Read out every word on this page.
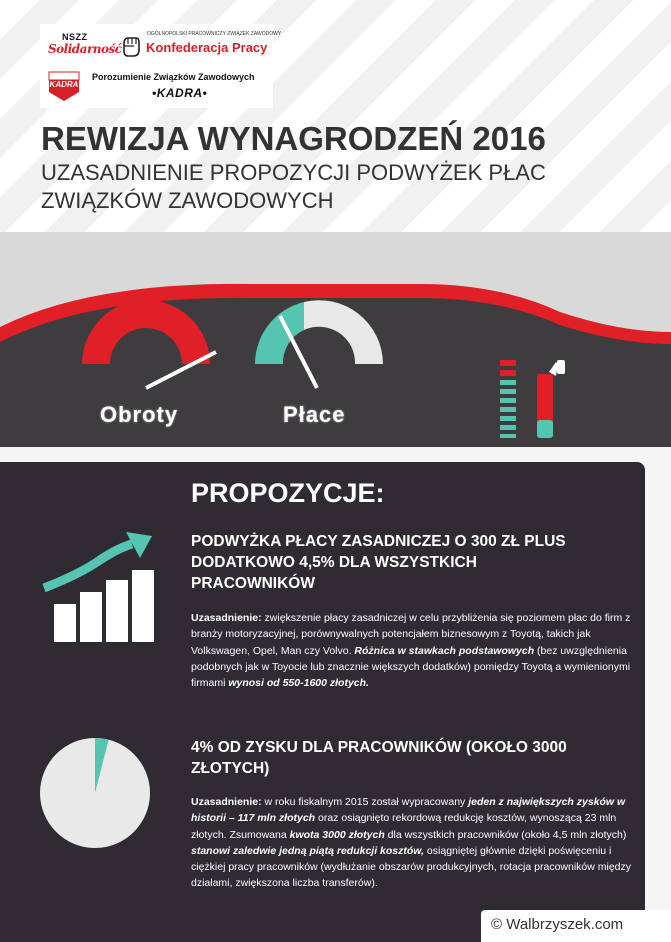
NSZZ
Solidarność
OGÓLNOPOLSKI PRACOWNICZY ZWIĄZEK ZAWODOWY
Konfederacja Pracy
KADRA
Porozumienie Związków Zawodowych
•KADRA•
REWIZJA WYNAGRODZEŃ 2016
UZASADNIENIE PROPOZYCJI PODWYŻEK PŁAC
ZWIĄZKÓW ZAWODOWYCH
Obroty	Płace
PROPOZYCJE:
PODWYŻKA PŁACY ZASADNICZEJ O 300 ZŁ PLUS DODATKOWO 4,5% DLA WSZYSTKICH PRACOWNIKÓW
Uzasadnienie: zwiększenie płacy zasadniczej w celu przybliżenia się poziomem płac do firm z branży motoryzacyjnej, porównywalnych potencjałem biznesowym z Toyotą, takich jak Volkswagen, Opel, Man czy Volvo. Różnica w stawkach podstawowych (bez uwzględnienia podobnych jak w Toyocie lub znacznie większych dodatków) pomiędzy Toyotą a wymienionymi firmami wynosi od 550-1600 złotych.
4% OD ZYSKU DLA PRACOWNIKÓW (OKOŁO 3000 ZŁOTYCH)
Uzasadnienie: w roku fiskalnym 2015 został wypracowany jeden z największych zysków w historii – 117 mln złotych oraz osiągnięto rekordową redukcję kosztów, wynoszącą 23 mln złotych. Zsumowana kwota 3000 złotych dla wszystkich pracowników (około 4,5 mln złotych) stanowi zaledwie jedną piątą redukcji kosztów, osiągniętej głównie dzięki poświęceniu i ciężkiej pracy pracowników (wydłużanie obszarów produkcyjnych, rotacja pracowników między działami, zwiększona liczba transferów).
© Walbrzyszek.com
